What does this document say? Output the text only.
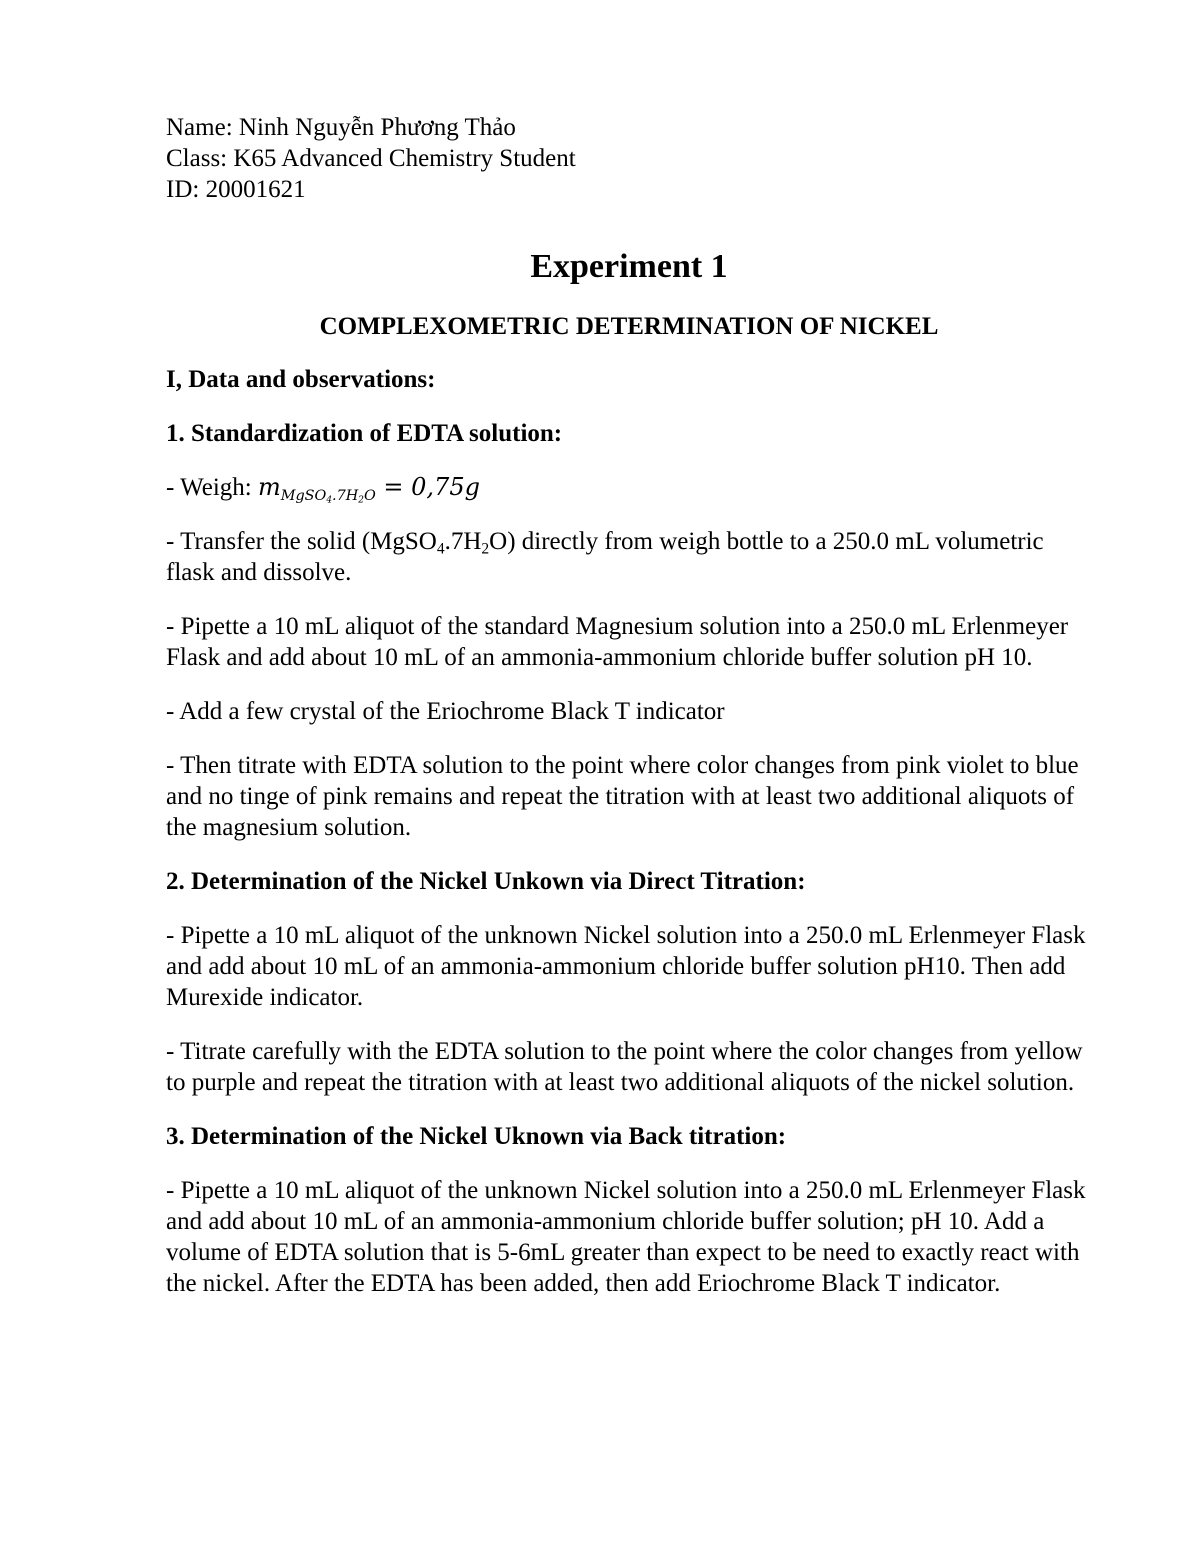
Name: Ninh Nguyễn Phương Thảo

Class: K65 Advanced Chemistry Student

ID: 20001621

Experiment 1
COMPLEXOMETRIC DETERMINATION OF NICKEL
I, Data and observations:
1. Standardization of EDTA solution:

- Weigh: $m_{MgSO_4.7H_2O} = 0,75g$

- Transfer the solid $(MgSO_4.7H_2O)$ directly from weigh bottle to a 250.0 mL volumetric flask and dissolve.

- Pipette a 10 mL aliquot of the standard Magnesium solution into a 250.0 mL Erlenmeyer Flask and add about 10 mL of an ammonia-ammonium chloride buffer solution pH 10.

- Add a few crystal of the Eriochrome Black T indicator

- Then titrate with EDTA solution to the point where color changes from pink violet to blue and no tinge of pink remains and repeat the titration with at least two additional aliquots of the magnesium solution.

2. Determination of the Nickel Unkown via Direct Titration:

- Pipette a 10 mL aliquot of the unknown Nickel solution into a 250.0 mL Erlenmeyer Flask and add about 10 mL of an ammonia-ammonium chloride buffer solution pH10. Then add Murexide indicator.

- Titrate carefully with the EDTA solution to the point where the color changes from yellow to purple and repeat the titration with at least two additional aliquots of the nickel solution.

3. Determination of the Nickel Uknown via Back titration:

- Pipette a 10 mL aliquot of the unknown Nickel solution into a 250.0 mL Erlenmeyer Flask and add about 10 mL of an ammonia-ammonium chloride buffer solution; pH 10. Add a volume of EDTA solution that is 5-6mL greater than expect to be need to exactly react with the nickel. After the EDTA has been added, then add Eriochrome Black T indicator.
